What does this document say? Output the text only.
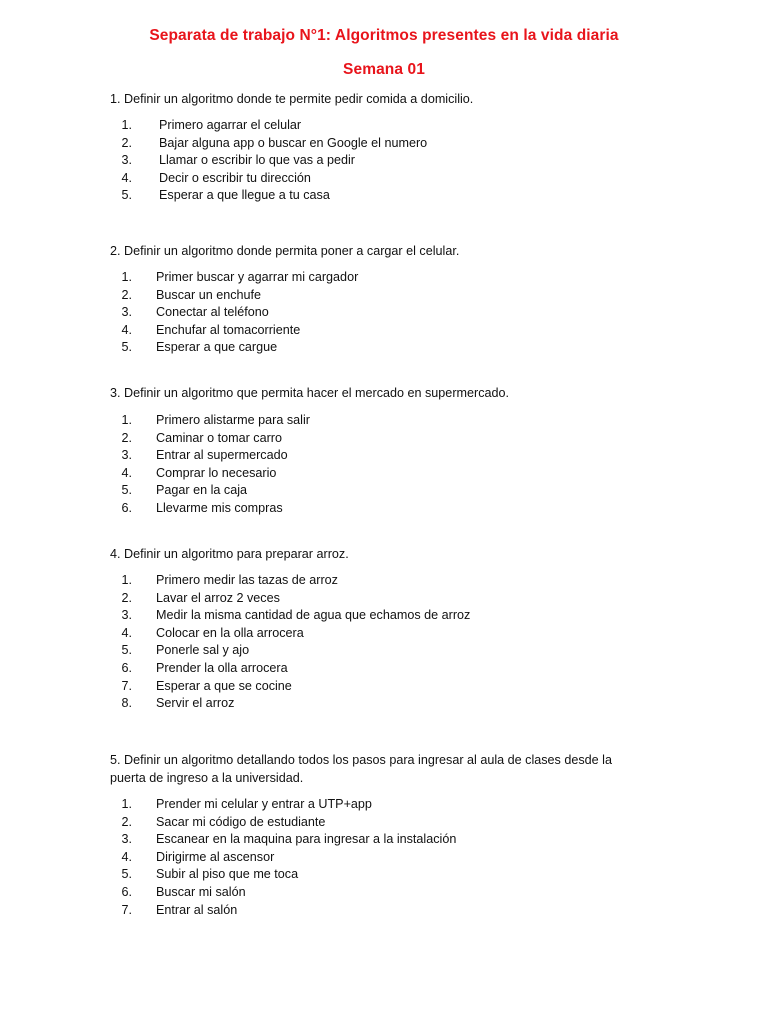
Separata de trabajo N°1: Algoritmos presentes en la vida diaria
Semana 01
1. Definir un algoritmo donde te permite pedir comida a domicilio.
1. Primero agarrar el celular
2. Bajar alguna app o buscar en Google el numero
3. Llamar o escribir lo que vas a pedir
4. Decir o escribir tu dirección
5. Esperar a que llegue a tu casa
2. Definir un algoritmo donde permita poner a cargar el celular.
1. Primer buscar y agarrar mi cargador
2. Buscar un enchufe
3. Conectar al teléfono
4. Enchufar al tomacorriente
5. Esperar a que cargue
3. Definir un algoritmo que permita hacer el mercado en supermercado.
1. Primero alistarme para salir
2. Caminar o tomar carro
3. Entrar al supermercado
4. Comprar lo necesario
5. Pagar en la caja
6. Llevarme mis compras
4. Definir un algoritmo para preparar arroz.
1. Primero medir las tazas de arroz
2. Lavar el arroz 2 veces
3. Medir la misma cantidad de agua que echamos de arroz
4. Colocar en la olla arrocera
5. Ponerle sal y ajo
6. Prender la olla arrocera
7. Esperar a que se cocine
8. Servir el arroz
5. Definir un algoritmo detallando todos los pasos para ingresar al aula de clases desde la puerta de ingreso a la universidad.
1. Prender mi celular y entrar a UTP+app
2. Sacar mi código de estudiante
3. Escanear en la maquina para ingresar a la instalación
4. Dirigirme al ascensor
5. Subir al piso que me toca
6. Buscar mi salón
7. Entrar al salón
